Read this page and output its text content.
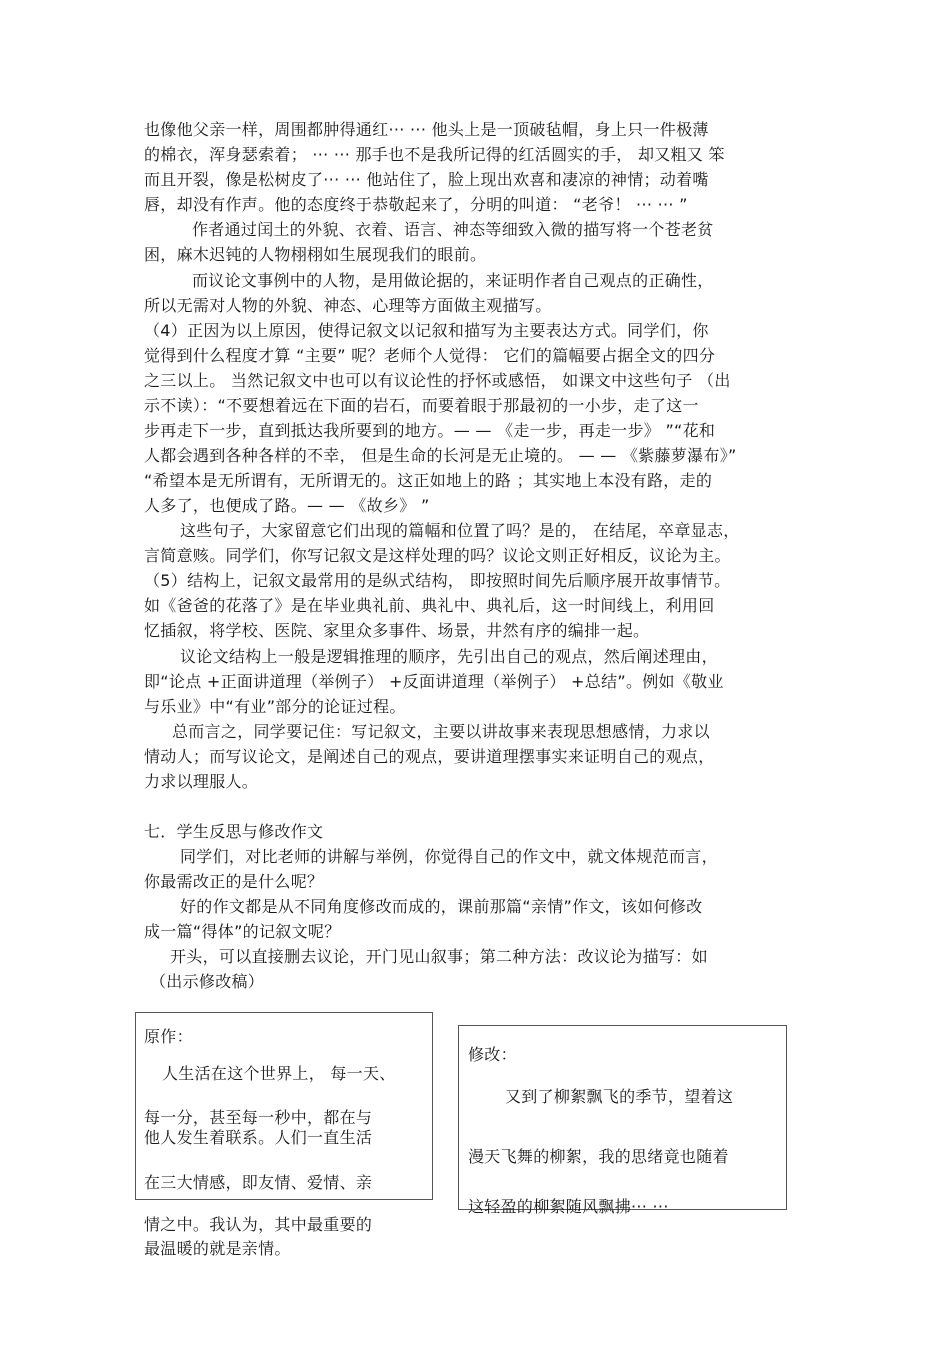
也像他父亲一样，周围都肿得通红··· ··· 他头上是一顶破毡帽，身上只一件极薄
的棉衣，浑身瑟索着； ··· ··· 那手也不是我所记得的红活圆实的手， 却又粗又 笨
而且开裂，像是松树皮了··· ··· 他站住了，脸上现出欢喜和凄凉的神情；动着嘴
唇，却没有作声。他的态度终于恭敬起来了，分明的叫道： “老爷！ ··· ··· ”
作者通过闰土的外貌、衣着、语言、神态等细致入微的描写将一个苍老贫
困，麻木迟钝的人物栩栩如生展现我们的眼前。
而议论文事例中的人物，是用做论据的，来证明作者自己观点的正确性，
所以无需对人物的外貌、神态、心理等方面做主观描写。
（4）正因为以上原因，使得记叙文以记叙和描写为主要表达方式。同学们，你
觉得到什么程度才算 “主要” 呢？老师个人觉得： 它们的篇幅要占据全文的四分
之三以上。 当然记叙文中也可以有议论性的抒怀或感悟， 如课文中这些句子 （出
示不读）：“不要想着远在下面的岩石，而要着眼于那最初的一小步，走了这一
步再走下一步，直到抵达我所要到的地方。— — 《走一步，再走一步》 ”“花和
人都会遇到各种各样的不幸， 但是生命的长河是无止境的。 — — 《紫藤萝瀑布》”
“希望本是无所谓有，无所谓无的。这正如地上的路 ；其实地上本没有路，走的
人多了，也便成了路。— — 《故乡》 ”
这些句子，大家留意它们出现的篇幅和位置了吗？是的， 在结尾，卒章显志，
言简意赅。同学们，你写记叙文是这样处理的吗？议论文则正好相反，议论为主。
（5）结构上，记叙文最常用的是纵式结构， 即按照时间先后顺序展开故事情节。
如《爸爸的花落了》是在毕业典礼前、典礼中、典礼后，这一时间线上，利用回
忆插叙，将学校、医院、家里众多事件、场景，井然有序的编排一起。
议论文结构上一般是逻辑推理的顺序，先引出自己的观点，然后阐述理由，
即“论点 +正面讲道理（举例子） +反面讲道理（举例子） +总结”。例如《敬业
与乐业》中“有业”部分的论证过程。
总而言之，同学要记住：写记叙文，主要以讲故事来表现思想感情，力求以
情动人；而写议论文，是阐述自己的观点，要讲道理摆事实来证明自己的观点，
力求以理服人。
七．学生反思与修改作文
同学们，对比老师的讲解与举例，你觉得自己的作文中，就文体规范而言，
你最需改正的是什么呢？
好的作文都是从不同角度修改而成的，课前那篇“亲情”作文，该如何修改
成一篇“得体”的记叙文呢？
开头，可以直接删去议论，开门见山叙事；第二种方法：改议论为描写：如
（出示修改稿）
原作：
人生活在这个世界上， 每一天、
每一分，甚至每一秒中，都在与
他人发生着联系。人们一直生活
在三大情感，即友情、爱情、亲
情之中。我认为，其中最重要的
最温暖的就是亲情。
修改：
又到了柳絮飘飞的季节，望着这
漫天飞舞的柳絮，我的思绪竟也随着
这轻盈的柳絮随风飘拂··· ···
